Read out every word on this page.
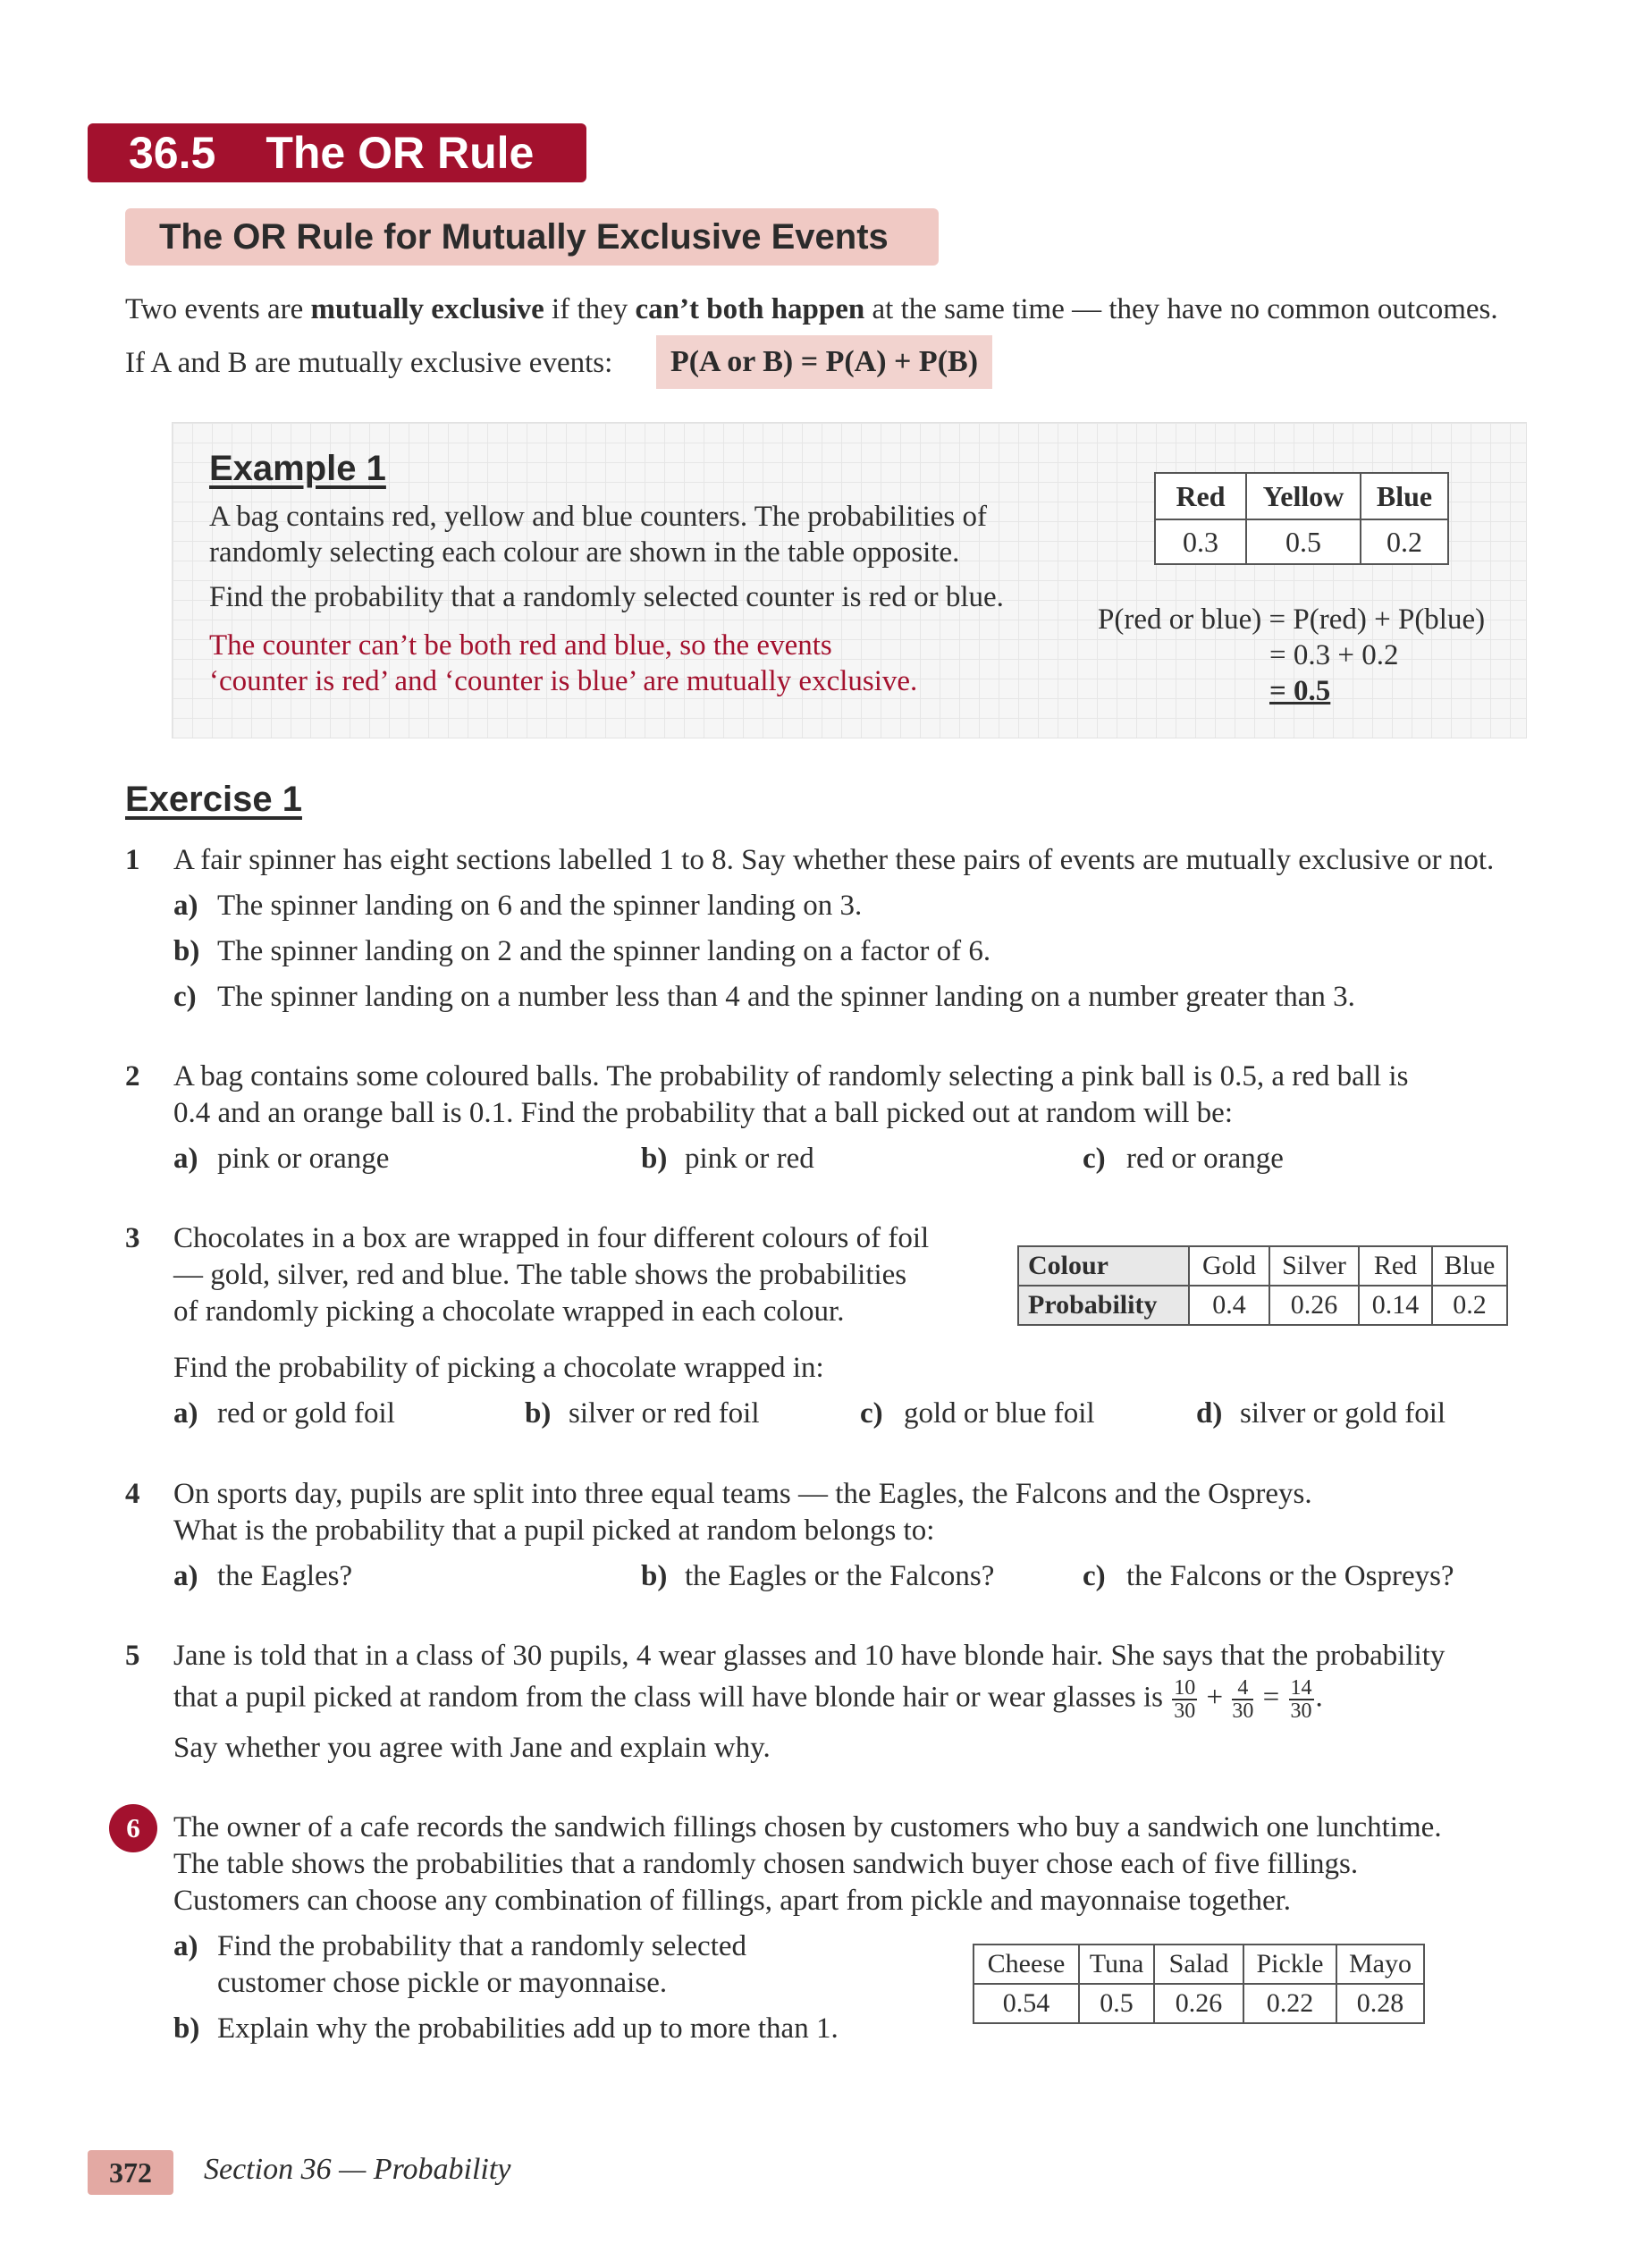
36.5 The OR Rule
The OR Rule for Mutually Exclusive Events
Two events are mutually exclusive if they can’t both happen at the same time — they have no common outcomes.
If A and B are mutually exclusive events:	P(A or B) = P(A) + P(B)
Example 1
A bag contains red, yellow and blue counters. The probabilities of
randomly selecting each colour are shown in the table opposite.
Find the probability that a randomly selected counter is red or blue.
The counter can’t be both red and blue, so the events
‘counter is red’ and ‘counter is blue’ are mutually exclusive.
Red	Yellow	Blue
0.3	0.5	0.2
P(red or blue) = P(red) + P(blue)
= 0.3 + 0.2
= 0.5
Exercise 1
1 A fair spinner has eight sections labelled 1 to 8. Say whether these pairs of events are mutually exclusive or not.
a) The spinner landing on 6 and the spinner landing on 3.
b) The spinner landing on 2 and the spinner landing on a factor of 6.
c) The spinner landing on a number less than 4 and the spinner landing on a number greater than 3.
2 A bag contains some coloured balls. The probability of randomly selecting a pink ball is 0.5, a red ball is
0.4 and an orange ball is 0.1. Find the probability that a ball picked out at random will be:
a) pink or orange	b) pink or red	c) red or orange
3 Chocolates in a box are wrapped in four different colours of foil
— gold, silver, red and blue. The table shows the probabilities
of randomly picking a chocolate wrapped in each colour.
Colour	Gold	Silver	Red	Blue
Probability	0.4	0.26	0.14	0.2
Find the probability of picking a chocolate wrapped in:
a) red or gold foil	b) silver or red foil	c) gold or blue foil	d) silver or gold foil
4 On sports day, pupils are split into three equal teams — the Eagles, the Falcons and the Ospreys.
What is the probability that a pupil picked at random belongs to:
a) the Eagles?	b) the Eagles or the Falcons?	c) the Falcons or the Ospreys?
5 Jane is told that in a class of 30 pupils, 4 wear glasses and 10 have blonde hair. She says that the probability
that a pupil picked at random from the class will have blonde hair or wear glasses is $\frac{10}{30} + \frac{4}{30} = \frac{14}{30}$ .
Say whether you agree with Jane and explain why.
6	The owner of a cafe records the sandwich fillings chosen by customers who buy a sandwich one lunchtime.
The table shows the probabilities that a randomly chosen sandwich buyer chose each of five fillings.
Customers can choose any combination of fillings, apart from pickle and mayonnaise together.
a) Find the probability that a randomly selected
customer chose pickle or mayonnaise.
b) Explain why the probabilities add up to more than 1.
Cheese	Tuna	Salad	Pickle	Mayo
0.54	0.5	0.26	0.22	0.28
372	Section 36 — Probability
